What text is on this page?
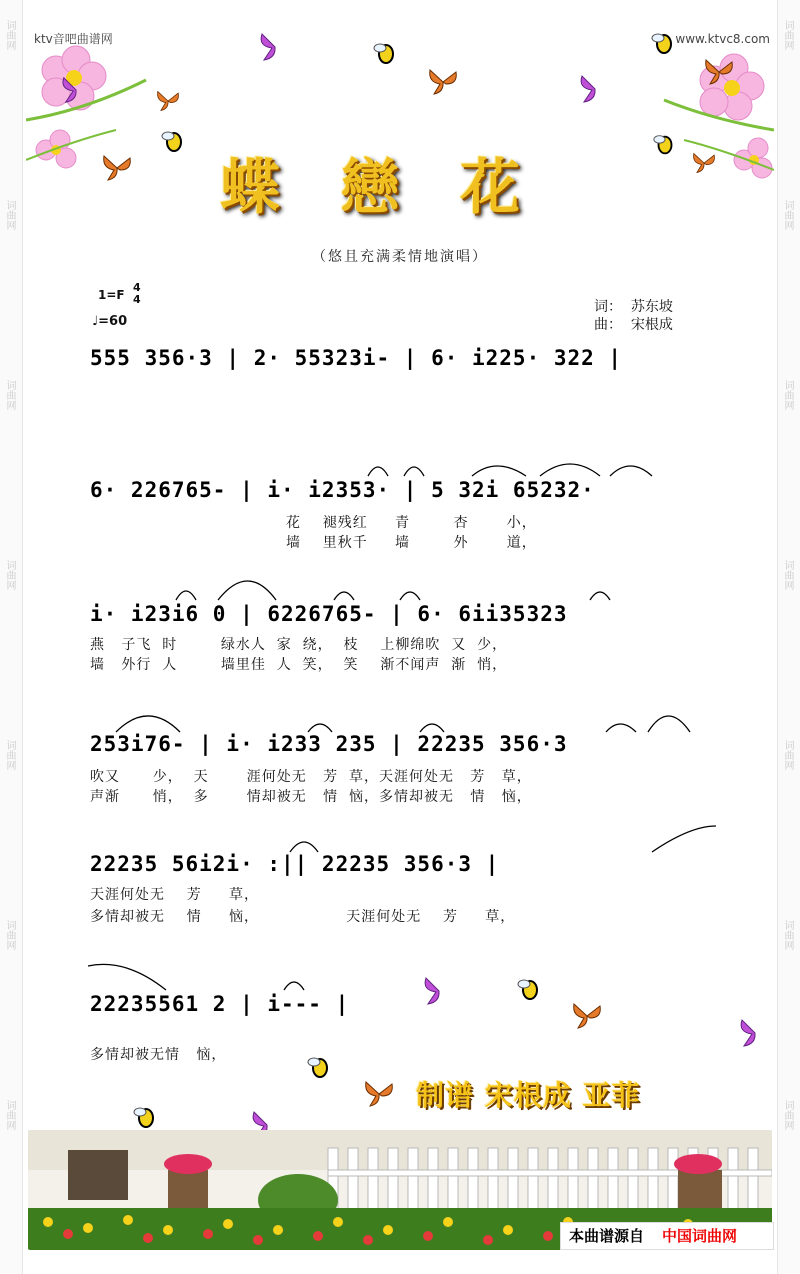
词曲网
词曲网
词曲网
词曲网
词曲网
词曲网
词曲网
词曲网
词曲网
词曲网
词曲网
词曲网
词曲网
词曲网
ktv音吧曲谱网	www.ktvc8.com
蝶戀花
（悠且充满柔情地演唱）
1=F
4
4
♩=60
词：  苏东坡
曲：  宋根成
555 356·3 | 2· 55323i- | 6· i225· 322 |
6· 226765- | i· i2353· | 5 32i 65232·
花    褪残红     青        杏       小，
墙    里秋千     墙        外       道，
i· i23i6 0 | 6226765- | 6· 6ii35323
燕   子飞  时        绿水人  家  绕，  枝    上柳绵吹  又  少，
墙   外行  人        墙里佳  人  笑，  笑    渐不闻声  渐  悄，
253i76- | i· i233 235 | 22235 356·3
吹又      少，  天       涯何处无   芳  草，天涯何处无   芳   草，
声渐      悄，  多       情却被无   情  恼，多情却被无   情   恼，
22235 56i2i· :|| 22235 356·3 |
天涯何处无    芳     草，
多情却被无    情     恼，                天涯何处无    芳     草，
22235561 2 | i--- |
多情却被无情   恼，
制谱 宋根成 亚菲
本曲谱源自 中国词曲网
